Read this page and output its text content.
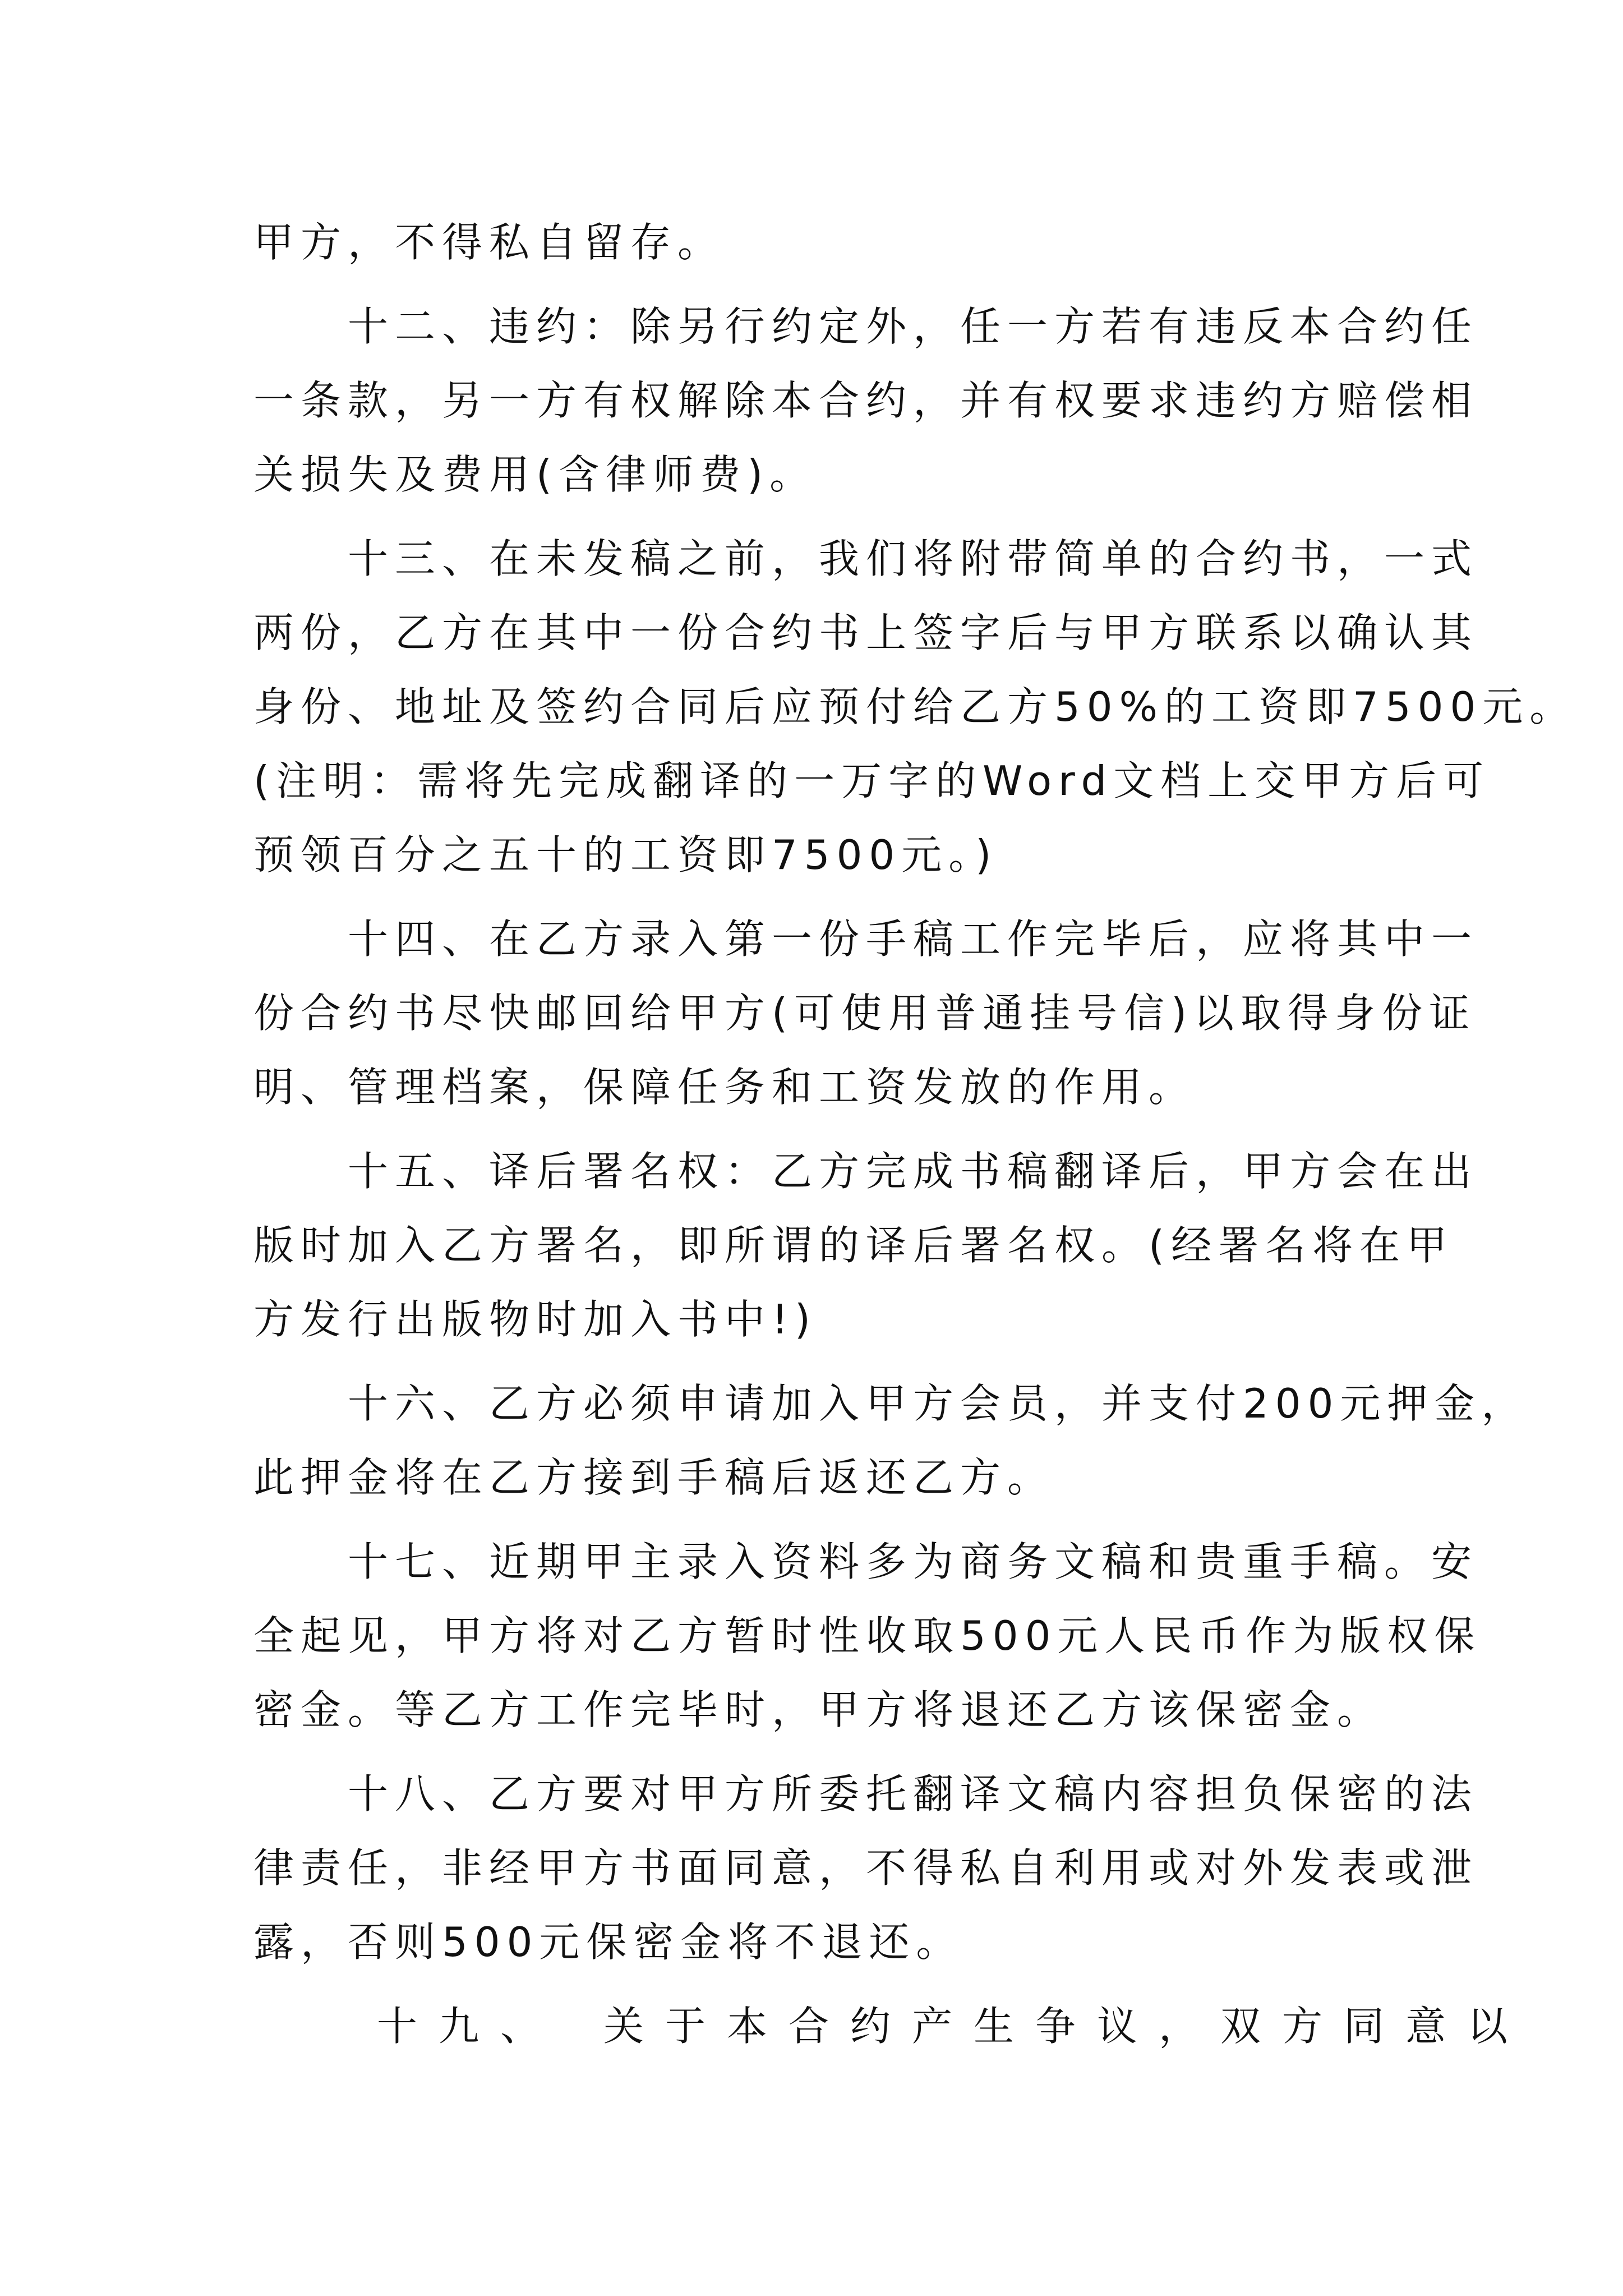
甲方，不得私自留存。
　　十二、违约：除另行约定外，任一方若有违反本合约任
一条款，另一方有权解除本合约，并有权要求违约方赔偿相
关损失及费用(含律师费)。
　　十三、在未发稿之前，我们将附带简单的合约书，一式
两份，乙方在其中一份合约书上签字后与甲方联系以确认其
身份、地址及签约合同后应预付给乙方50%的工资即7500元。
(注明：需将先完成翻译的一万字的Word文档上交甲方后可
预领百分之五十的工资即7500元。)
　　十四、在乙方录入第一份手稿工作完毕后，应将其中一
份合约书尽快邮回给甲方(可使用普通挂号信)以取得身份证
明、管理档案，保障任务和工资发放的作用。
　　十五、译后署名权：乙方完成书稿翻译后，甲方会在出
版时加入乙方署名，即所谓的译后署名权。(经署名将在甲
方发行出版物时加入书中!)
　　十六、乙方必须申请加入甲方会员，并支付200元押金，
此押金将在乙方接到手稿后返还乙方。
　　十七、近期甲主录入资料多为商务文稿和贵重手稿。安
全起见，甲方将对乙方暂时性收取500元人民币作为版权保
密金。等乙方工作完毕时，甲方将退还乙方该保密金。
　　十八、乙方要对甲方所委托翻译文稿内容担负保密的法
律责任，非经甲方书面同意，不得私自利用或对外发表或泄
露，否则500元保密金将不退还。
　　十九、　关于本合约产生争议，双方同意以
